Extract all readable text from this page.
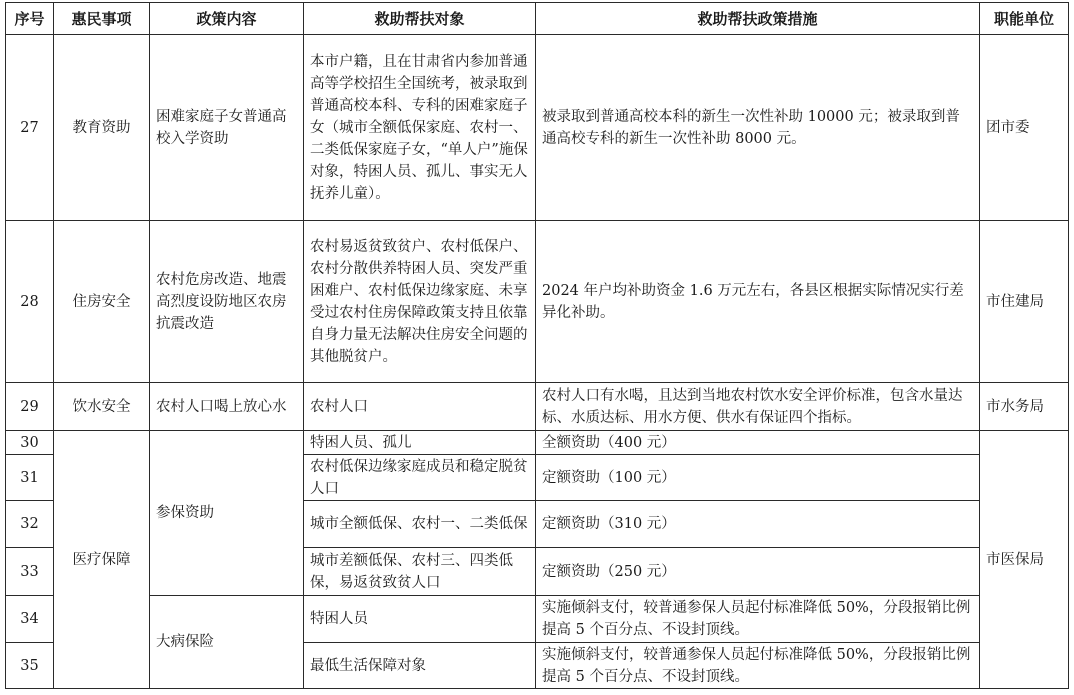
序号	惠民事项	政策内容	救助帮扶对象	救助帮扶政策措施	职能单位
27	教育资助	困难家庭子女普通高校入学资助	本市户籍，且在甘肃省内参加普通高等学校招生全国统考，被录取到普通高校本科、专科的困难家庭子女（城市全额低保家庭、农村一、二类低保家庭子女，“单人户”施保对象，特困人员、孤儿、事实无人抚养儿童）。	被录取到普通高校本科的新生一次性补助 10000 元；被录取到普通高校专科的新生一次性补助 8000 元。	团市委
28	住房安全	农村危房改造、地震高烈度设防地区农房抗震改造	农村易返贫致贫户、农村低保户、农村分散供养特困人员、突发严重困难户、农村低保边缘家庭、未享受过农村住房保障政策支持且依靠自身力量无法解决住房安全问题的其他脱贫户。	2024 年户均补助资金 1.6 万元左右，各县区根据实际情况实行差异化补助。	市住建局
29	饮水安全	农村人口喝上放心水	农村人口	农村人口有水喝，且达到当地农村饮水安全评价标准，包含水量达标、水质达标、用水方便、供水有保证四个指标。	市水务局
30	医疗保障	参保资助	特困人员、孤儿	全额资助（400 元）	市医保局
31			农村低保边缘家庭成员和稳定脱贫人口	定额资助（100 元）	
32			城市全额低保、农村一、二类低保	定额资助（310 元）	
33			城市差额低保、农村三、四类低保，易返贫致贫人口	定额资助（250 元）	
34		大病保险	特困人员	实施倾斜支付，较普通参保人员起付标准降低 50%，分段报销比例提高 5 个百分点、不设封顶线。	
35			最低生活保障对象	实施倾斜支付，较普通参保人员起付标准降低 50%，分段报销比例提高 5 个百分点、不设封顶线。	
